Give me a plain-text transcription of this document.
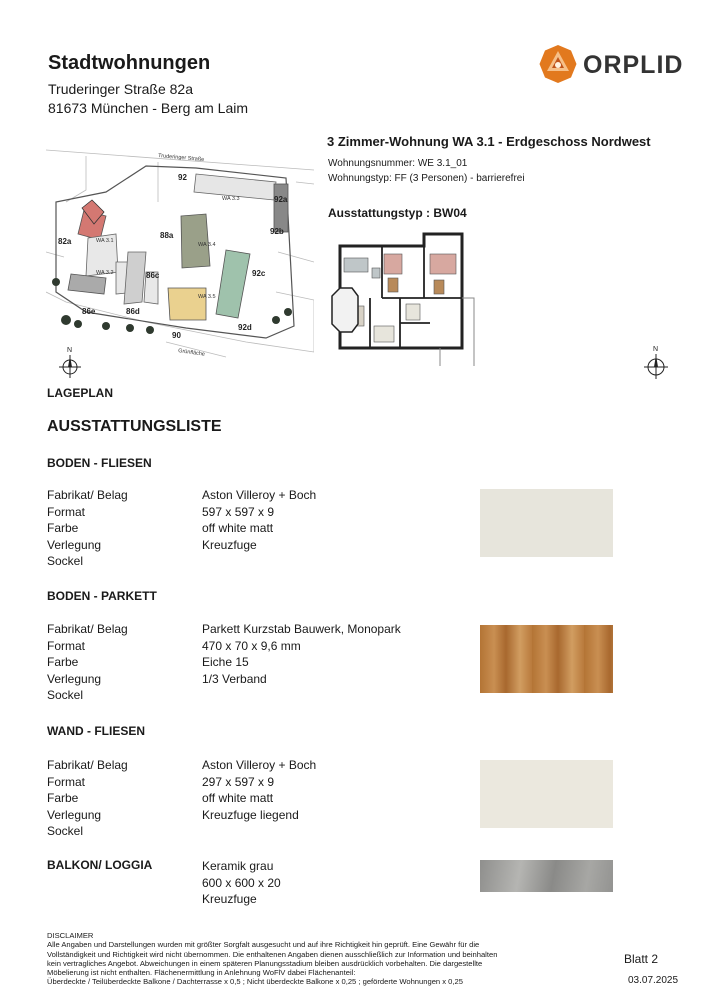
Stadtwohnungen
Truderinger Straße 82a
81673 München - Berg am Laim
ORPLID
3 Zimmer-Wohnung WA 3.1 - Erdgeschoss Nordwest
Wohnungsnummer: WE 3.1_01
Wohnungstyp: FF (3 Personen) - barrierefrei
Ausstattungstyp : BW04
Truderinger Straße
92
92a
92b
92c
92d
90
88a
86c
86d
86e
82a
WA 3.3
WA 3.4
WA 3.1
WA 3.2
WA 3.5
Grünfläche
N
LAGEPLAN
N
AUSSTATTUNGSLISTE
BODEN - FLIESEN
Fabrikat/ Belag	Aston Villeroy + Boch
Format	597 x 597 x 9
Farbe	off white matt
Verlegung	Kreuzfuge
Sockel
BODEN - PARKETT
Fabrikat/ Belag	Parkett Kurzstab Bauwerk, Monopark
Format	470 x 70 x 9,6 mm
Farbe	Eiche 15
Verlegung	1/3 Verband
Sockel
WAND - FLIESEN
Fabrikat/ Belag	Aston Villeroy + Boch
Format	297 x 597 x 9
Farbe	off white matt
Verlegung	Kreuzfuge liegend
Sockel
BALKON/ LOGGIA	Keramik grau
600 x 600 x 20
Kreuzfuge
DISCLAIMER
Alle Angaben und Darstellungen wurden mit größter Sorgfalt ausgesucht und auf ihre Richtigkeit hin geprüft. Eine Gewähr für die
Vollständigkeit und Richtigkeit wird nicht übernommen. Die enthaltenen Angaben dienen ausschließlich zur Information und beinhalten
kein vertragliches Angebot. Abweichungen in einem späteren Planungsstadium bleiben ausdrücklich vorbehalten. Die dargestellte
Möbelierung ist nicht enthalten. Flächenermittlung in Anlehnung WoFlV dabei Flächenanteil:
Überdeckte / Teilüberdeckte Balkone / Dachterrasse x 0,5 ; Nicht überdeckte Balkone x 0,25 ; geförderte Wohnungen x 0,25
Blatt 2
03.07.2025
